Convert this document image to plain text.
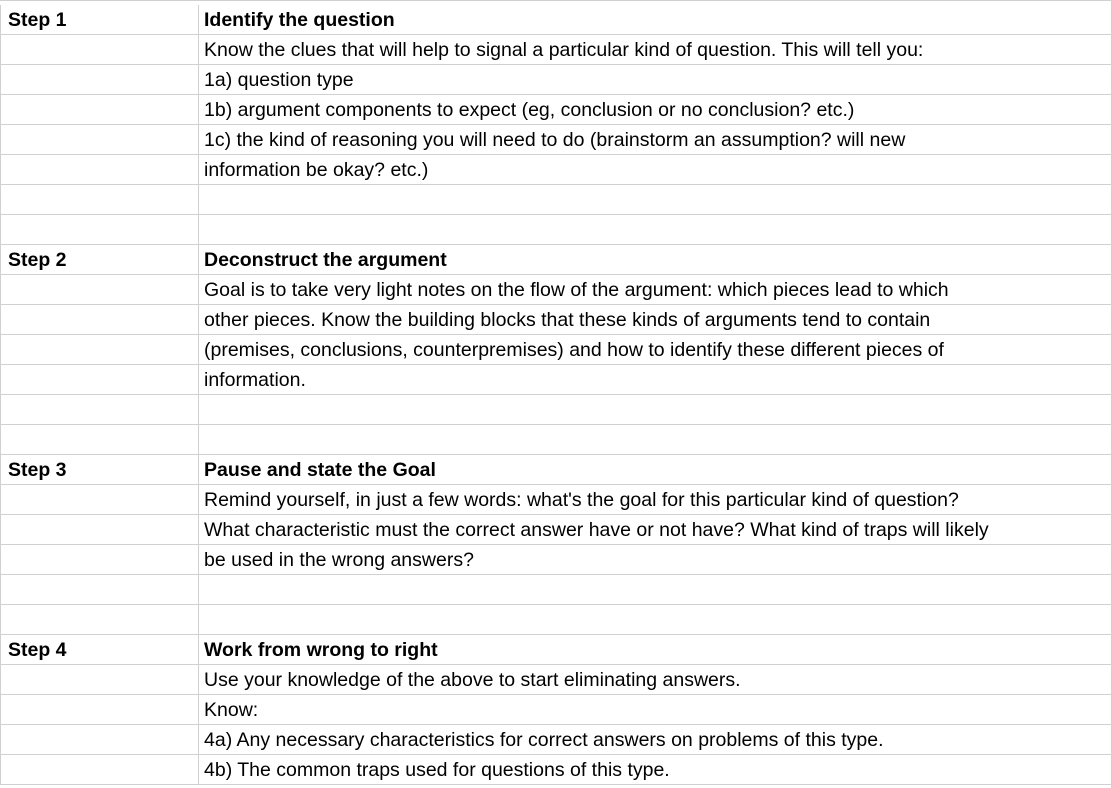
Step 1	Identify the question
Know the clues that will help to signal a particular kind of question. This will tell you:
1a) question type
1b) argument components to expect (eg, conclusion or no conclusion? etc.)
1c) the kind of reasoning you will need to do (brainstorm an assumption? will new
information be okay? etc.)
Step 2	Deconstruct the argument
Goal is to take very light notes on the flow of the argument: which pieces lead to which
other pieces. Know the building blocks that these kinds of arguments tend to contain
(premises, conclusions, counterpremises) and how to identify these different pieces of
information.
Step 3	Pause and state the Goal
Remind yourself, in just a few words: what's the goal for this particular kind of question?
What characteristic must the correct answer have or not have? What kind of traps will likely
be used in the wrong answers?
Step 4	Work from wrong to right
Use your knowledge of the above to start eliminating answers.
Know:
4a) Any necessary characteristics for correct answers on problems of this type.
4b) The common traps used for questions of this type.
